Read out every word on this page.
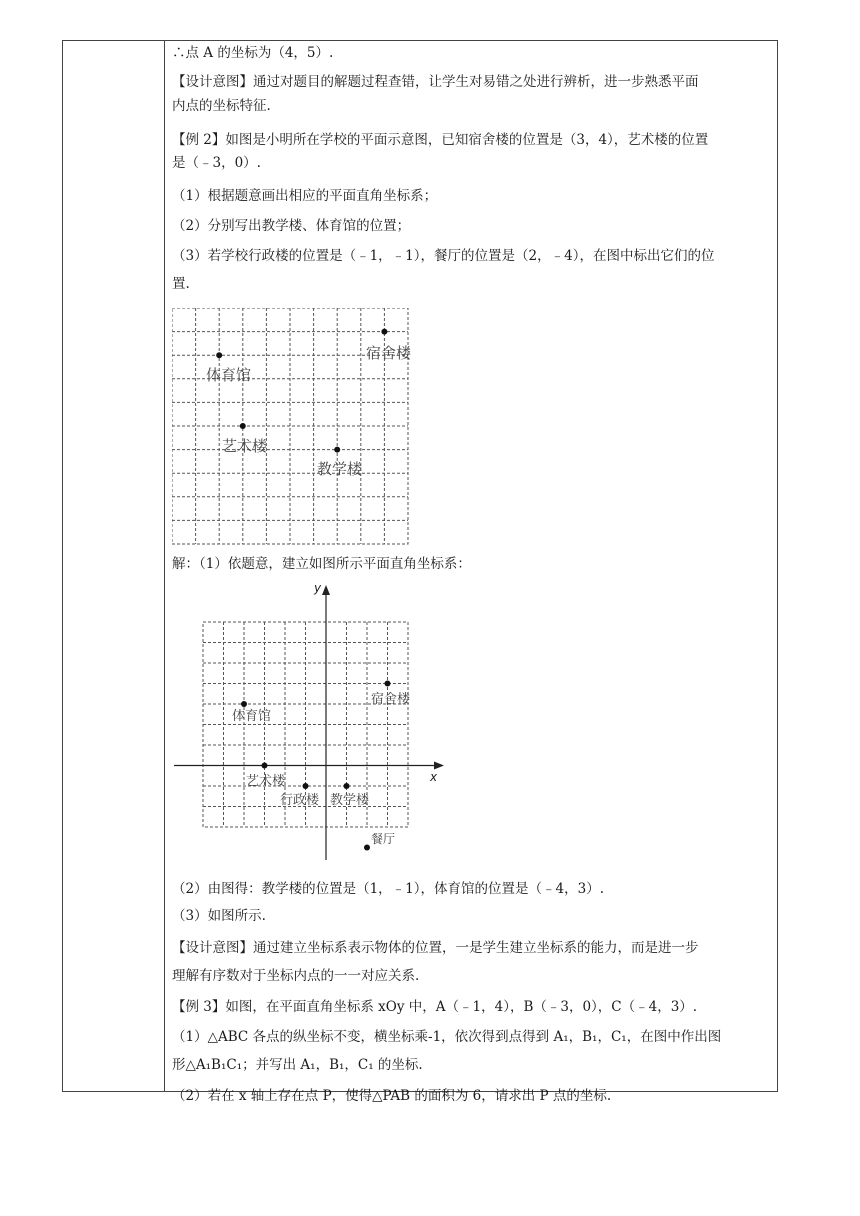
∴点 A 的坐标为（4，5）.
【设计意图】通过对题目的解题过程查错，让学生对易错之处进行辨析，进一步熟悉平面
内点的坐标特征.
【例 2】如图是小明所在学校的平面示意图，已知宿舍楼的位置是（3，4），艺术楼的位置
是（﹣3，0）.
（1）根据题意画出相应的平面直角坐标系；
（2）分别写出教学楼、体育馆的位置；
（3）若学校行政楼的位置是（﹣1，﹣1），餐厅的位置是（2，﹣4），在图中标出它们的位
置.
宿舍楼
体育馆
艺术楼
教学楼
解：（1）依题意，建立如图所示平面直角坐标系：
x
y
宿舍楼
体育馆
艺术楼
行政楼 教学楼
餐厅
（2）由图得：教学楼的位置是（1，﹣1），体育馆的位置是（﹣4，3）.
（3）如图所示.
【设计意图】通过建立坐标系表示物体的位置，一是学生建立坐标系的能力，而是进一步
理解有序数对于坐标内点的一一对应关系.
【例 3】如图，在平面直角坐标系 xOy 中，A（﹣1，4），B（﹣3，0），C（﹣4，3）.
（1）△ABC 各点的纵坐标不变，横坐标乘-1，依次得到点得到 A₁，B₁，C₁，在图中作出图
形△A₁B₁C₁；并写出 A₁，B₁，C₁ 的坐标.
（2）若在 x 轴上存在点 P，使得△PAB 的面积为 6，请求出 P 点的坐标.
